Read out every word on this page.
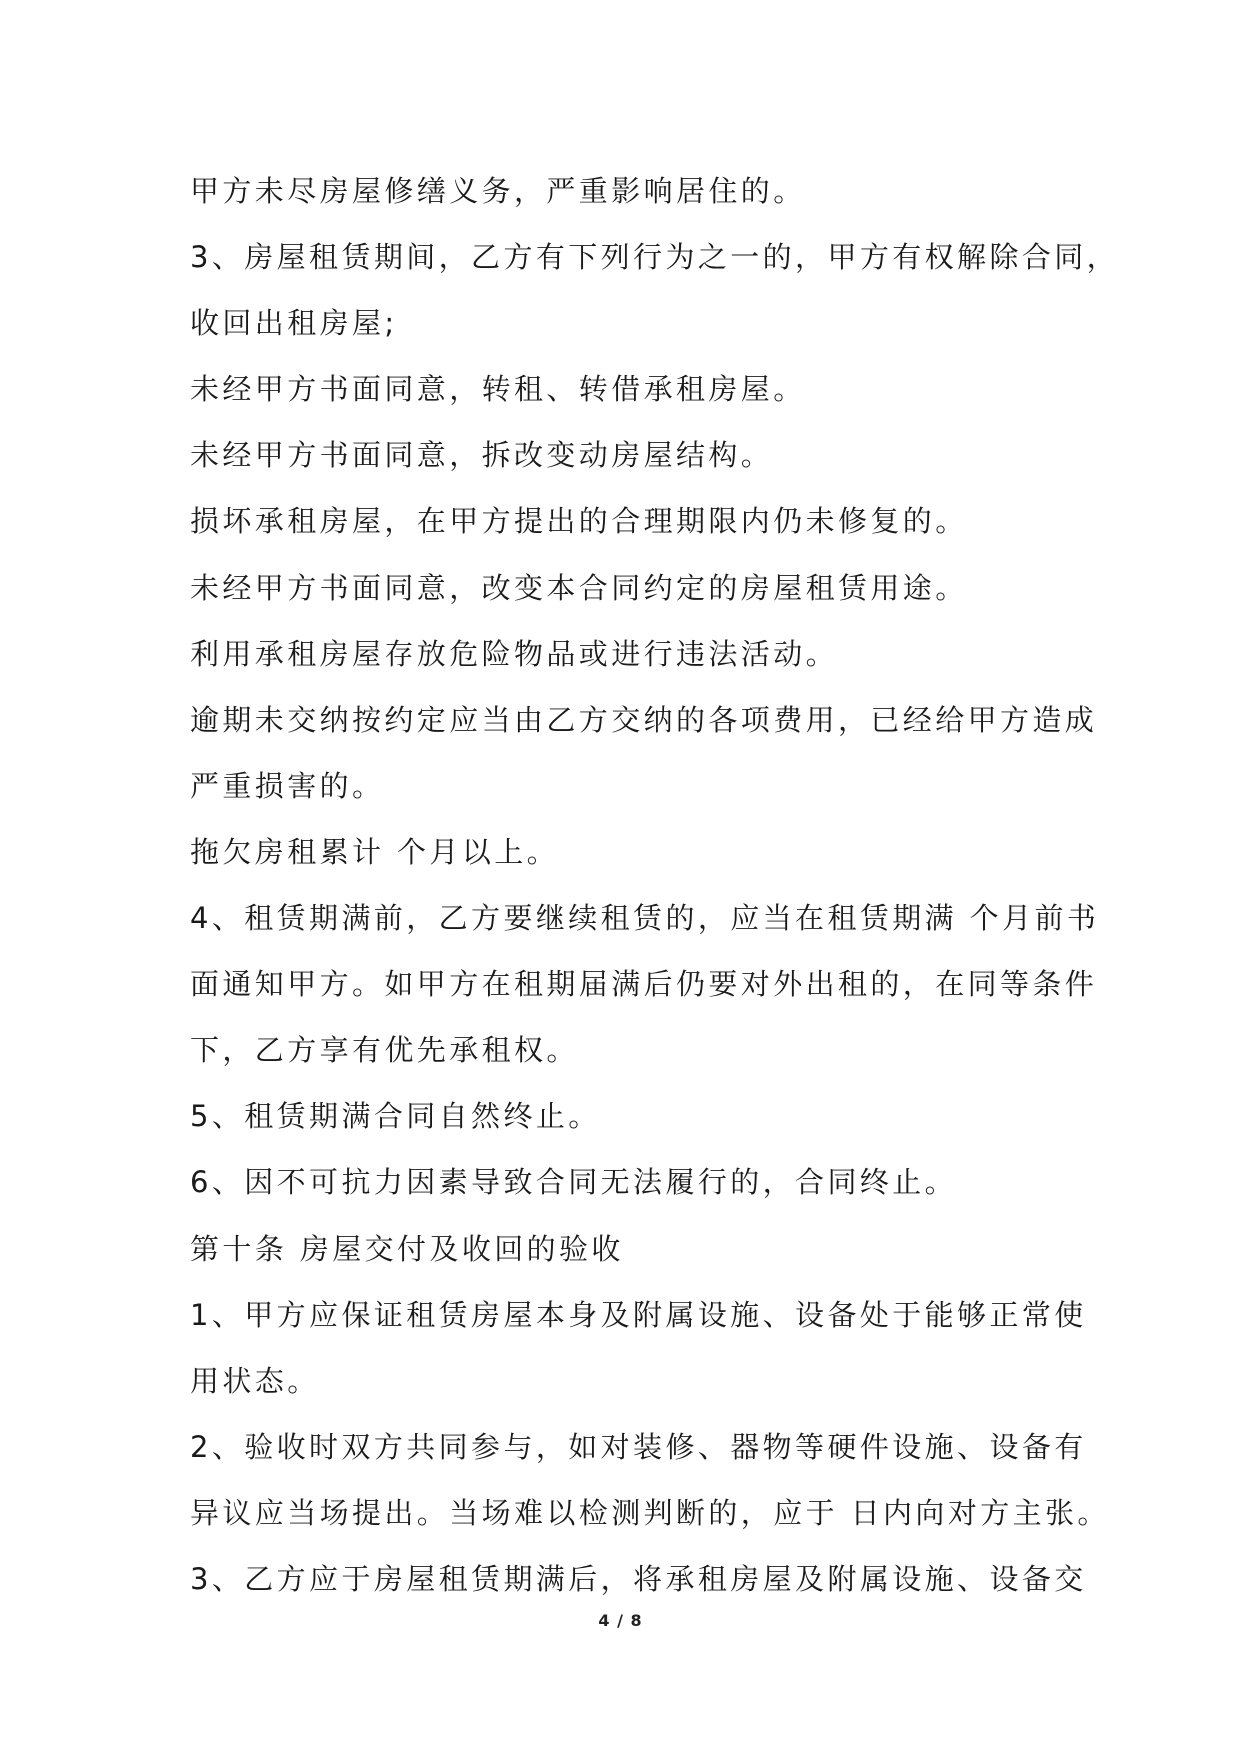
甲方未尽房屋修缮义务，严重影响居住的。
3、房屋租赁期间，乙方有下列行为之一的，甲方有权解除合同，
收回出租房屋;
未经甲方书面同意，转租、转借承租房屋。
未经甲方书面同意，拆改变动房屋结构。
损坏承租房屋，在甲方提出的合理期限内仍未修复的。
未经甲方书面同意，改变本合同约定的房屋租赁用途。
利用承租房屋存放危险物品或进行违法活动。
逾期未交纳按约定应当由乙方交纳的各项费用，已经给甲方造成
严重损害的。
拖欠房租累计 个月以上。
4、租赁期满前，乙方要继续租赁的，应当在租赁期满 个月前书
面通知甲方。如甲方在租期届满后仍要对外出租的，在同等条件
下，乙方享有优先承租权。
5、租赁期满合同自然终止。
6、因不可抗力因素导致合同无法履行的，合同终止。
第十条 房屋交付及收回的验收
1、甲方应保证租赁房屋本身及附属设施、设备处于能够正常使
用状态。
2、验收时双方共同参与，如对装修、器物等硬件设施、设备有
异议应当场提出。当场难以检测判断的，应于 日内向对方主张。
3、乙方应于房屋租赁期满后，将承租房屋及附属设施、设备交
4 / 8
